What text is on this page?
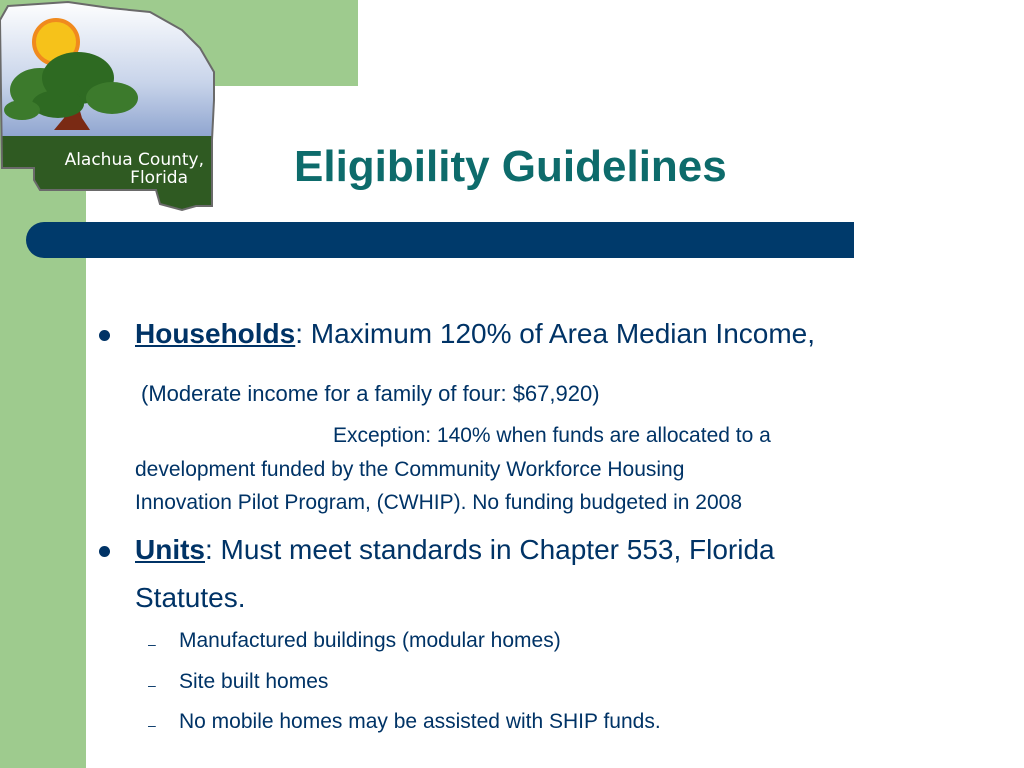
Alachua County,
Florida	Eligibility Guidelines
Households: Maximum 120% of Area Median Income,
(Moderate income for a family of four: $67,920)
Exception: 140% when funds are allocated to a
development funded by the Community Workforce Housing
Innovation Pilot Program, (CWHIP). No funding budgeted in 2008
Units: Must meet standards in Chapter 553, Florida
Statutes.
– Manufactured buildings (modular homes)
– Site built homes
– No mobile homes may be assisted with SHIP funds.
